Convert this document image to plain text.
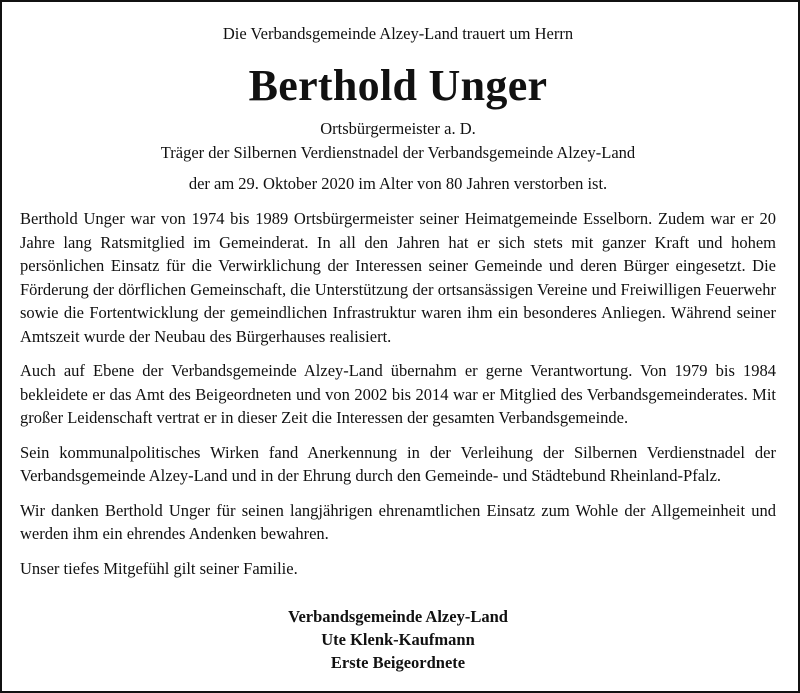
Die Verbandsgemeinde Alzey-Land trauert um Herrn
Berthold Unger
Ortsbürgermeister a. D.
Träger der Silbernen Verdienstnadel der Verbandsgemeinde Alzey-Land
der am 29. Oktober 2020 im Alter von 80 Jahren verstorben ist.

Berthold Unger war von 1974 bis 1989 Ortsbürgermeister seiner Heimatgemeinde Esselborn. Zudem war er 20 Jahre lang Ratsmitglied im Gemeinderat. In all den Jahren hat er sich stets mit ganzer Kraft und hohem persönlichen Einsatz für die Verwirklichung der Interessen seiner Gemeinde und deren Bürger eingesetzt. Die Förderung der dörflichen Gemeinschaft, die Unterstützung der ortsansässigen Vereine und Freiwilligen Feuerwehr sowie die Fortentwicklung der gemeindlichen Infrastruktur waren ihm ein besonderes Anliegen. Während seiner Amtszeit wurde der Neubau des Bürgerhauses realisiert.

Auch auf Ebene der Verbandsgemeinde Alzey-Land übernahm er gerne Verantwortung. Von 1979 bis 1984 bekleidete er das Amt des Beigeordneten und von 2002 bis 2014 war er Mitglied des Verbandsgemeinderates. Mit großer Leidenschaft vertrat er in dieser Zeit die Interessen der gesamten Verbandsgemeinde.

Sein kommunalpolitisches Wirken fand Anerkennung in der Verleihung der Silbernen Verdienstnadel der Verbandsgemeinde Alzey-Land und in der Ehrung durch den Gemeinde- und Städtebund Rheinland-Pfalz.

Wir danken Berthold Unger für seinen langjährigen ehrenamtlichen Einsatz zum Wohle der Allgemeinheit und werden ihm ein ehrendes Andenken bewahren.

Unser tiefes Mitgefühl gilt seiner Familie.

Verbandsgemeinde Alzey-Land
Ute Klenk-Kaufmann
Erste Beigeordnete
